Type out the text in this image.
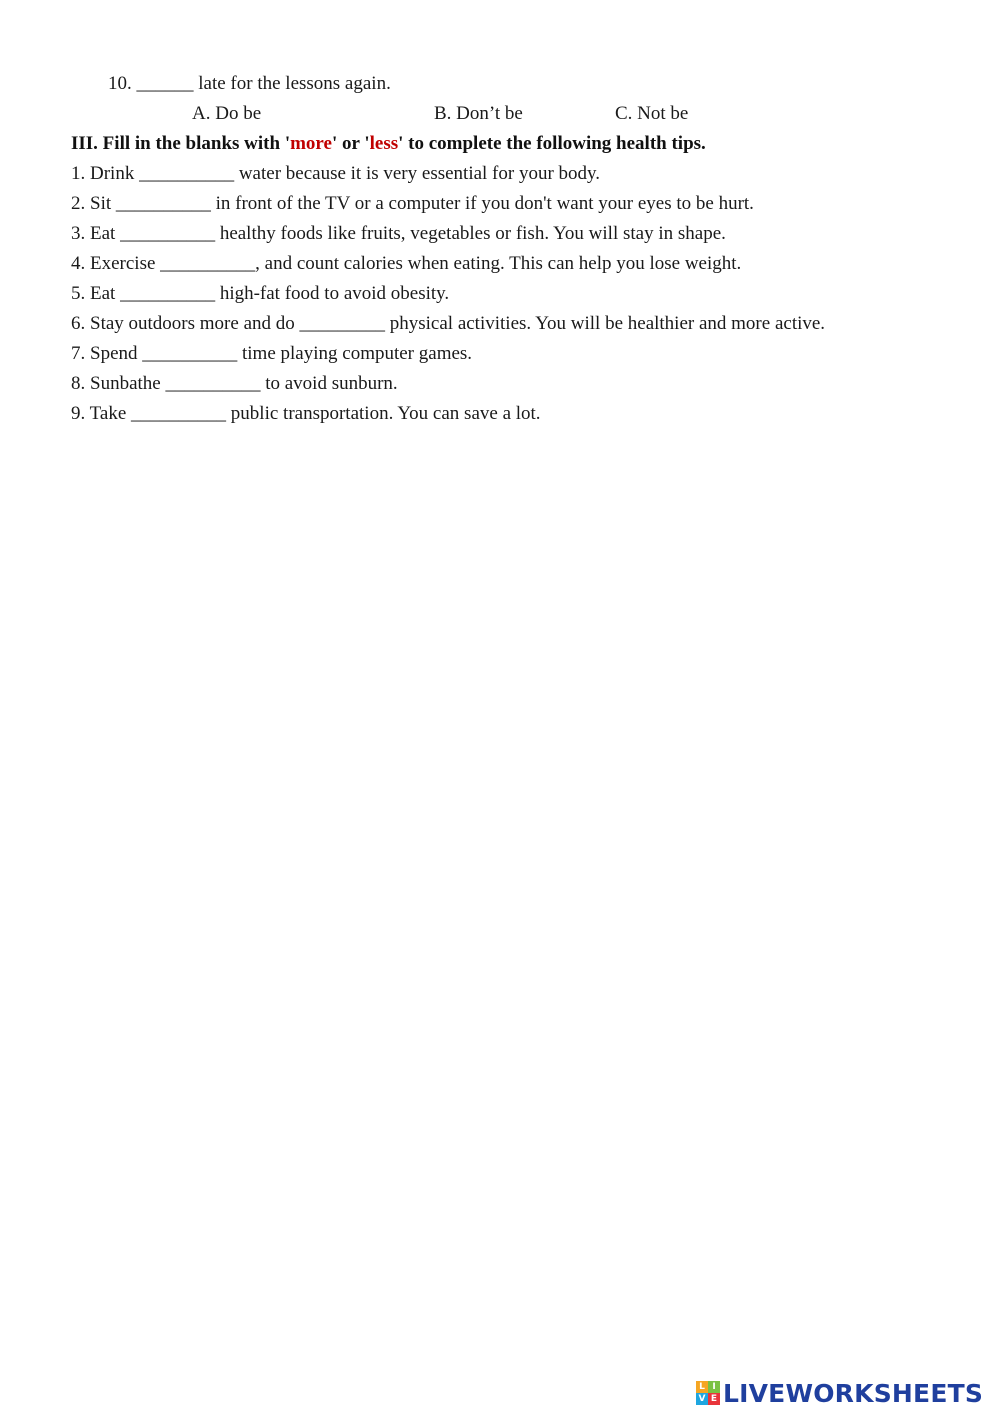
10. ______ late for the lessons again.
A. Do be	B. Don’t be	C. Not be
III. Fill in the blanks with 'more' or 'less' to complete the following health tips.
1. Drink __________ water because it is very essential for your body.
2. Sit __________ in front of the TV or a computer if you don't want your eyes to be hurt.
3. Eat __________ healthy foods like fruits, vegetables or fish. You will stay in shape.
4. Exercise __________, and count calories when eating. This can help you lose weight.
5. Eat __________ high-fat food to avoid obesity.
6. Stay outdoors more and do _________ physical activities. You will be healthier and more active.
7. Spend __________ time playing computer games.
8. Sunbathe __________ to avoid sunburn.
9. Take __________ public transportation. You can save a lot.
L I
V E LIVEWORKSHEETS
